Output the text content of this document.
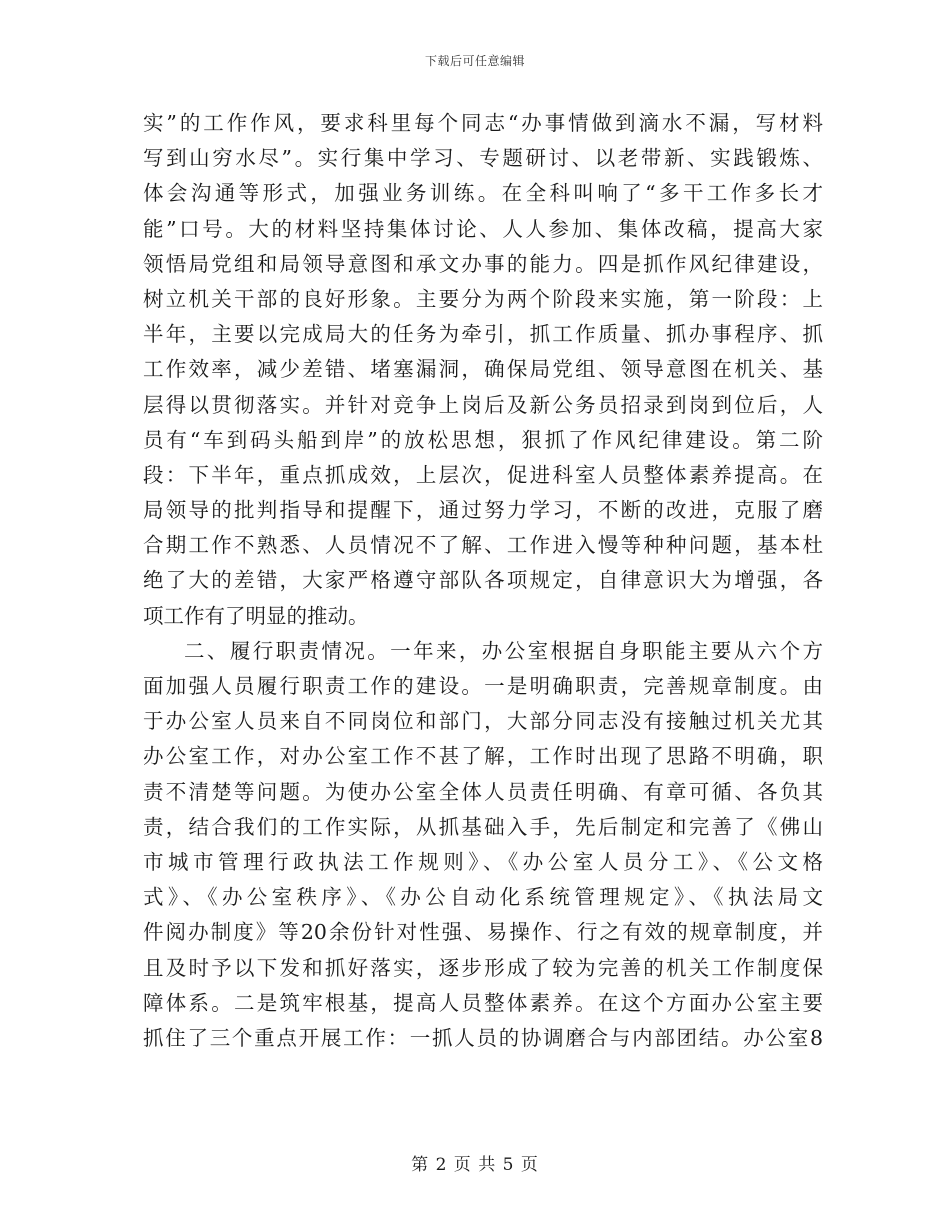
下载后可任意编辑
实”的工作作风，要求科里每个同志“办事情做到滴水不漏，写材料
写到山穷水尽”。实行集中学习、专题研讨、以老带新、实践锻炼、
体会沟通等形式，加强业务训练。在全科叫响了“多干工作多长才
能”口号。大的材料坚持集体讨论、人人参加、集体改稿，提高大家
领悟局党组和局领导意图和承文办事的能力。四是抓作风纪律建设，
树立机关干部的良好形象。主要分为两个阶段来实施，第一阶段：上
半年，主要以完成局大的任务为牵引，抓工作质量、抓办事程序、抓
工作效率，减少差错、堵塞漏洞，确保局党组、领导意图在机关、基
层得以贯彻落实。并针对竞争上岗后及新公务员招录到岗到位后，人
员有“车到码头船到岸”的放松思想，狠抓了作风纪律建设。第二阶
段：下半年，重点抓成效，上层次，促进科室人员整体素养提高。在
局领导的批判指导和提醒下，通过努力学习，不断的改进，克服了磨
合期工作不熟悉、人员情况不了解、工作进入慢等种种问题，基本杜
绝了大的差错，大家严格遵守部队各项规定，自律意识大为增强，各
项工作有了明显的推动。
二、履行职责情况。一年来，办公室根据自身职能主要从六个方
面加强人员履行职责工作的建设。一是明确职责，完善规章制度。由
于办公室人员来自不同岗位和部门，大部分同志没有接触过机关尤其
办公室工作，对办公室工作不甚了解，工作时出现了思路不明确，职
责不清楚等问题。为使办公室全体人员责任明确、有章可循、各负其
责，结合我们的工作实际，从抓基础入手，先后制定和完善了《佛山
市城市管理行政执法工作规则》、《办公室人员分工》、《公文格
式》、《办公室秩序》、《办公自动化系统管理规定》、《执法局文
件阅办制度》等20余份针对性强、易操作、行之有效的规章制度，并
且及时予以下发和抓好落实，逐步形成了较为完善的机关工作制度保
障体系。二是筑牢根基，提高人员整体素养。在这个方面办公室主要
抓住了三个重点开展工作：一抓人员的协调磨合与内部团结。办公室8
第 2 页 共 5 页
